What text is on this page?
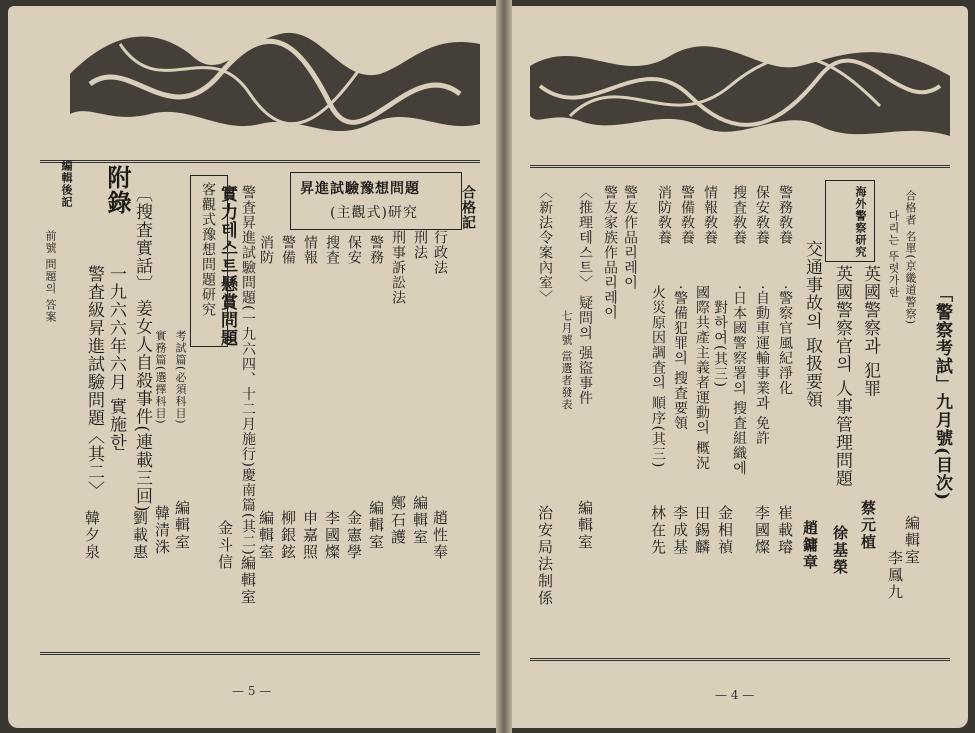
「警察考試」九月號(目次)
合格者 名單(京畿道警察)
編輯室
다리는 뚜렷가한
李鳳九
英國警察과 犯罪
蔡元植
英國警察官의 人事管理問題
徐基榮
交通事故의 取扱要領
趙鏞章
海外警察研究
警務敎養
保安敎養
搜査敎養
情報敎養
警備敎養
消防敎養
·警察官風紀淨化
崔載璿
·自動車運輸事業과 免許
李國燦
·日本國警察署의 搜査組織에
對하여(其三)
金相禎
國際共產主義者運動의 概況
田錫麟
·警備犯罪의 搜査要領
李成基
火災原因調査의 順序(其三)
林在先
警友作品리레이
警友家族作品리레이
〈推理테스트〉 疑問의 强盜事件
編輯室
七月號 當選者發表
〈新法令案內室〉
治安局法制係
— 4 —
合格記
行政法
趙性奉
刑法
編輯室
刑事訴訟法
鄭石護
昇進試驗豫想問題
(主觀式)研究
警務
編輯室
保安
金憲學
搜査
李國燦
情報
申嘉照
警備
柳銀鉉
消防
編輯室
警査昇進試驗問題(一九六四、十二月施行)慶南篇(其二)
編輯室
實力테스트懸賞問題
金斗信
客觀式豫想問題研究
考試篇(必須科目)
編輯室
實務篇(選擇科目)
韓清洙
〔搜査實話〕 姜女人自殺事件(連載三回)
劉載惠
附錄
一九六六年六月 實施한
警査級昇進試驗問題〈其二〉
韓夕泉
編輯後記
前號 問題의 答案
— 5 —
